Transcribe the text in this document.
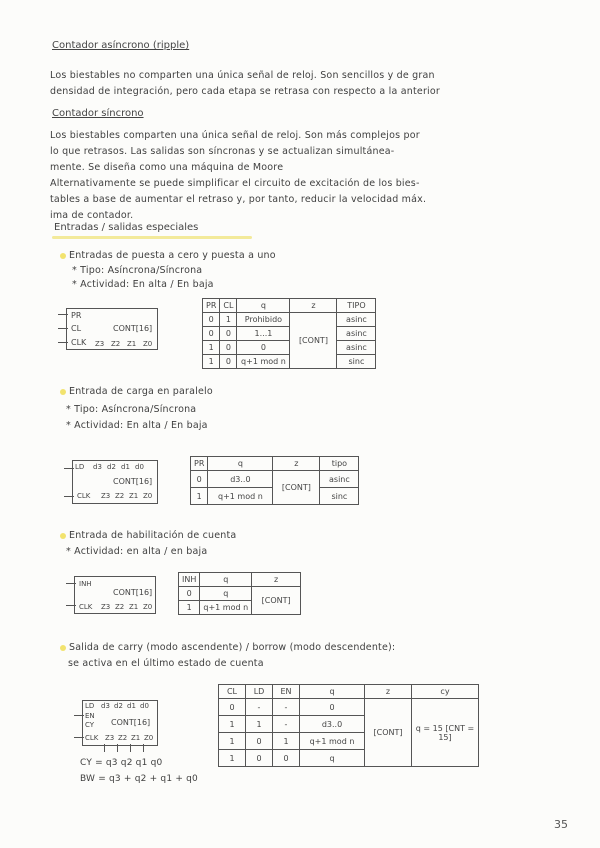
Contador asíncrono (ripple)
Los biestables no comparten una única señal de reloj. Son sencillos y de gran
densidad de integración, pero cada etapa se retrasa con respecto a la anterior
Contador síncrono
Los biestables comparten una única señal de reloj. Son más complejos por
lo que retrasos. Las salidas son síncronas y se actualizan simultánea-
mente. Se diseña como una máquina de Moore
Alternativamente se puede simplificar el circuito de excitación de los bies-
tables a base de aumentar el retraso y, por tanto, reducir la velocidad máx.
ima de contador.
Entradas / salidas especiales
Entradas de puesta a cero y puesta a uno
* Tipo: Asíncrona/Síncrona
* Actividad: En alta / En baja
PR
CL
CLK
CONT[16]
Z3 Z2 Z1 Z0
PR	CL	q	z	TIPO
0	1	Prohibido	[CONT]	asinc
0	0	1...1		asinc
1	0	0		asinc
1	0	q+1 mod n		sinc
Entrada de carga en paralelo
* Tipo: Asíncrona/Síncrona
* Actividad: En alta / En baja
LD d3 d2 d1 d0
CONT[16]
CLK Z3 Z2 Z1 Z0
PR	q	z	tipo
0	d3..0	[CONT]	asinc
1	q+1 mod n		sinc
Entrada de habilitación de cuenta
* Actividad: en alta / en baja
INH
CONT[16]
CLK Z3 Z2 Z1 Z0
INH	q	z
0	q	[CONT]
1	q+1 mod n	
Salida de carry (modo ascendente) / borrow (modo descendente):
se activa en el último estado de cuenta
LD d3 d2 d1 d0
EN
CY CONT[16]
CLK Z3 Z2 Z1 Z0
CY = q3 q2 q1 q0
BW = q3 + q2 + q1 + q0
CL	LD	EN	q	z	cy
0	-	-	0	[CONT]	q = 15 [CNT = 15]
1	1	-	d3..0		
1	0	1	q+1 mod n		
1	0	0	q		
35
